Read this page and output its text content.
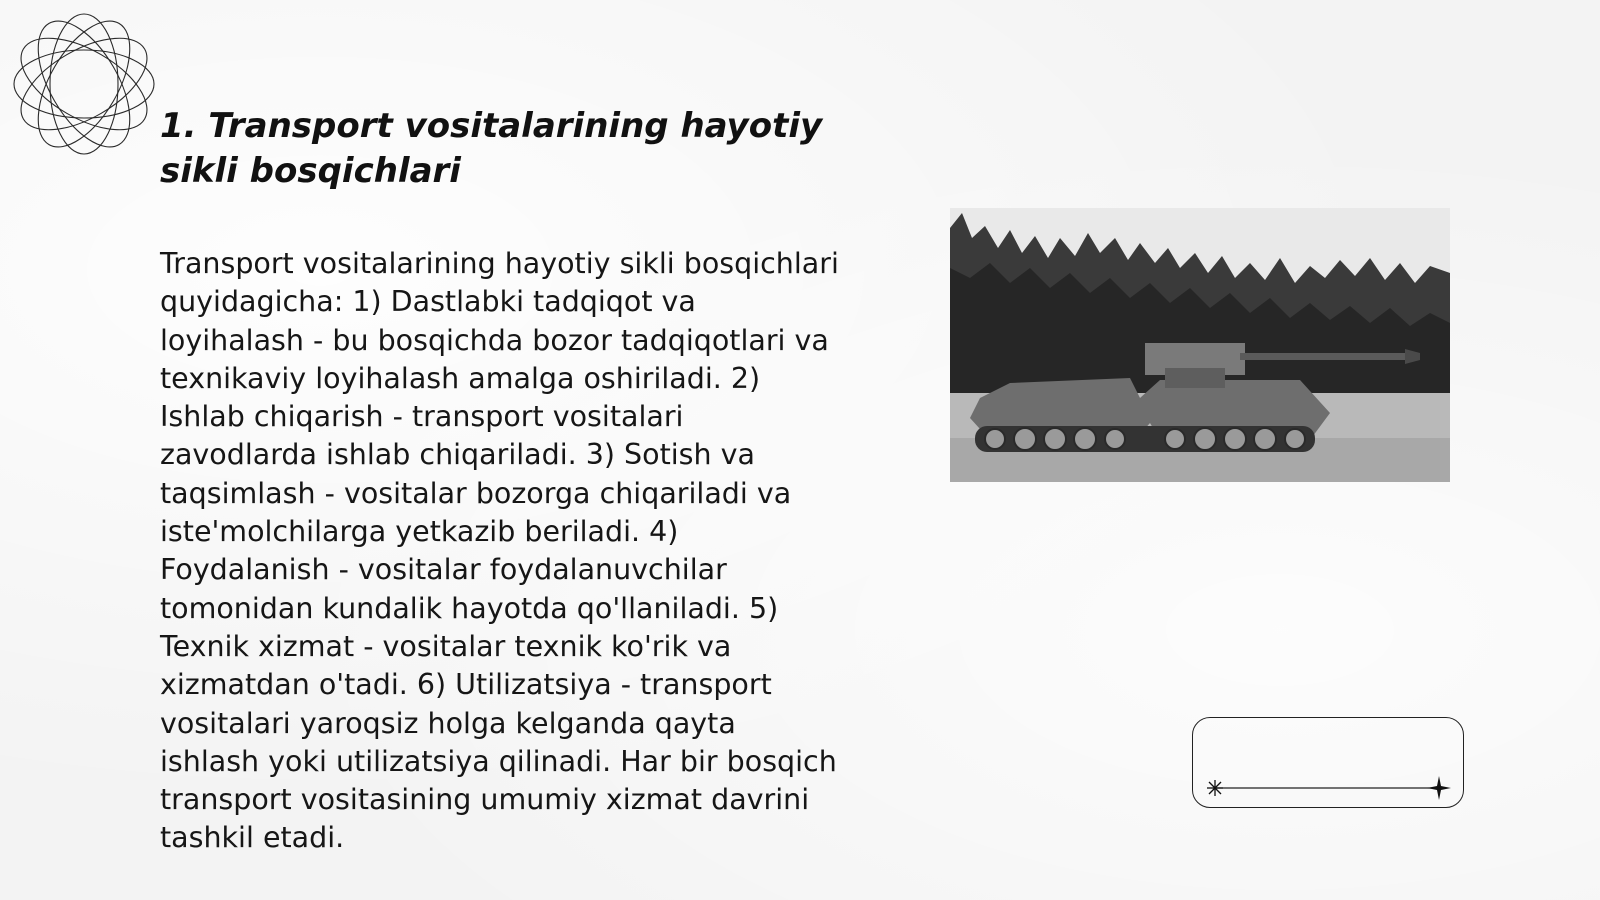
1. Transport vositalarining hayotiy sikli bosqichlari

Transport vositalarining hayotiy sikli bosqichlari quyidagicha: 1) Dastlabki tadqiqot va loyihalash - bu bosqichda bozor tadqiqotlari va texnikaviy loyihalash amalga oshiriladi. 2) Ishlab chiqarish - transport vositalari zavodlarda ishlab chiqariladi. 3) Sotish va taqsimlash - vositalar bozorga chiqariladi va iste'molchilarga yetkazib beriladi. 4) Foydalanish - vositalar foydalanuvchilar tomonidan kundalik hayotda qo'llaniladi. 5) Texnik xizmat - vositalar texnik ko'rik va xizmatdan o'tadi. 6) Utilizatsiya - transport vositalari yaroqsiz holga kelganda qayta ishlash yoki utilizatsiya qilinadi. Har bir bosqich transport vositasining umumiy xizmat davrini tashkil etadi.
